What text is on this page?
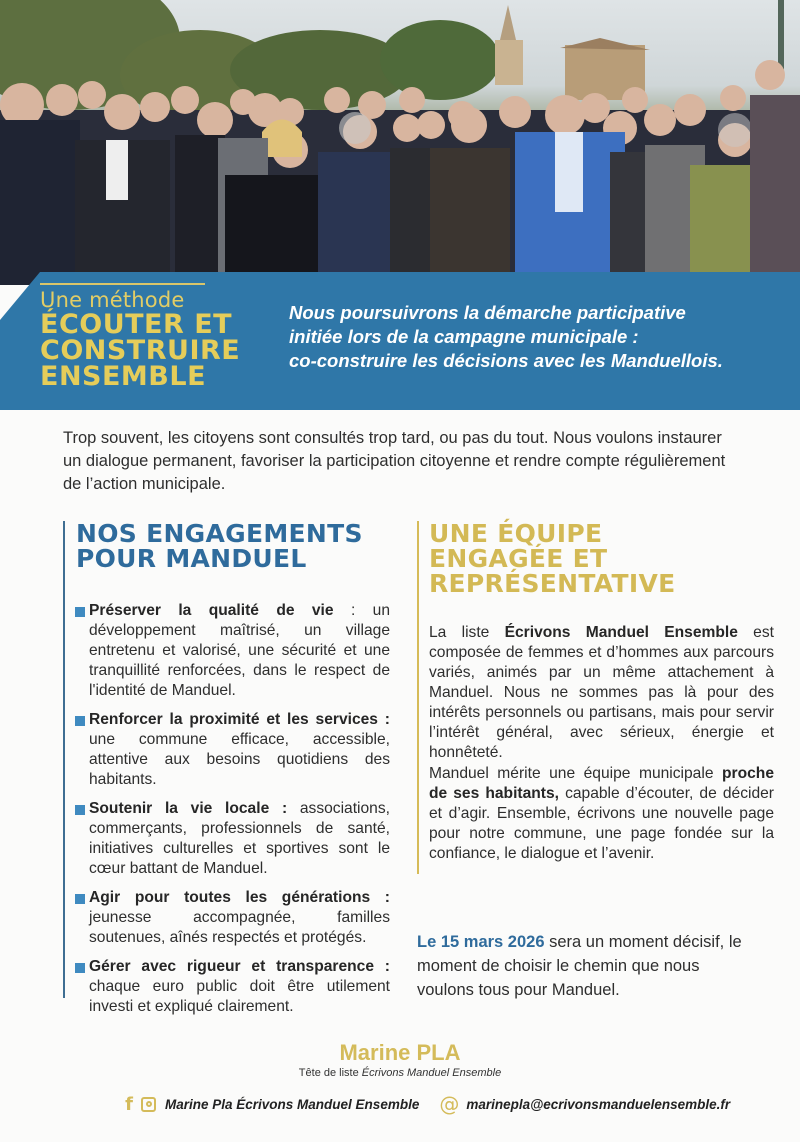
Une méthode
ÉCOUTER ET
CONSTRUIRE
ENSEMBLE
Nous poursuivrons la démarche participative
initiée lors de la campagne municipale :
co-construire les décisions avec les Manduellois.

Trop souvent, les citoyens sont consultés trop tard, ou pas du tout. Nous voulons instaurer un dialogue permanent, favoriser la participation citoyenne et rendre compte régulièrement de l’action municipale.

NOS ENGAGEMENTS
POUR MANDUEL

Préserver la qualité de vie : un développement maîtrisé, un village entretenu et valorisé, une sécurité et une tranquillité renforcées, dans le respect de l'identité de Manduel.

Renforcer la proximité et les services : une commune efficace, accessible, attentive aux besoins quotidiens des habitants.

Soutenir la vie locale : associations, commerçants, professionnels de santé, initiatives culturelles et sportives sont le cœur battant de Manduel.

Agir pour toutes les générations : jeunesse accompagnée, familles soutenues, aînés respectés et protégés.

Gérer avec rigueur et transparence : chaque euro public doit être utilement investi et expliqué clairement.

UNE ÉQUIPE
ENGAGÉE ET
REPRÉSENTATIVE

La liste Écrivons Manduel Ensemble est composée de femmes et d’hommes aux parcours variés, animés par un même attachement à Manduel. Nous ne sommes pas là pour des intérêts personnels ou partisans, mais pour servir l’intérêt général, avec sérieux, énergie et honnêteté.

Manduel mérite une équipe municipale proche de ses habitants, capable d’écouter, de décider et d’agir. Ensemble, écrivons une nouvelle page pour notre commune, une page fondée sur la confiance, le dialogue et l’avenir.

Le 15 mars 2026 sera un moment décisif, le moment de choisir le chemin que nous voulons tous pour Manduel.

Marine PLA
Tête de liste Écrivons Manduel Ensemble
f Marine Pla Écrivons Manduel Ensemble @ marinepla@ecrivonsmanduelensemble.fr
